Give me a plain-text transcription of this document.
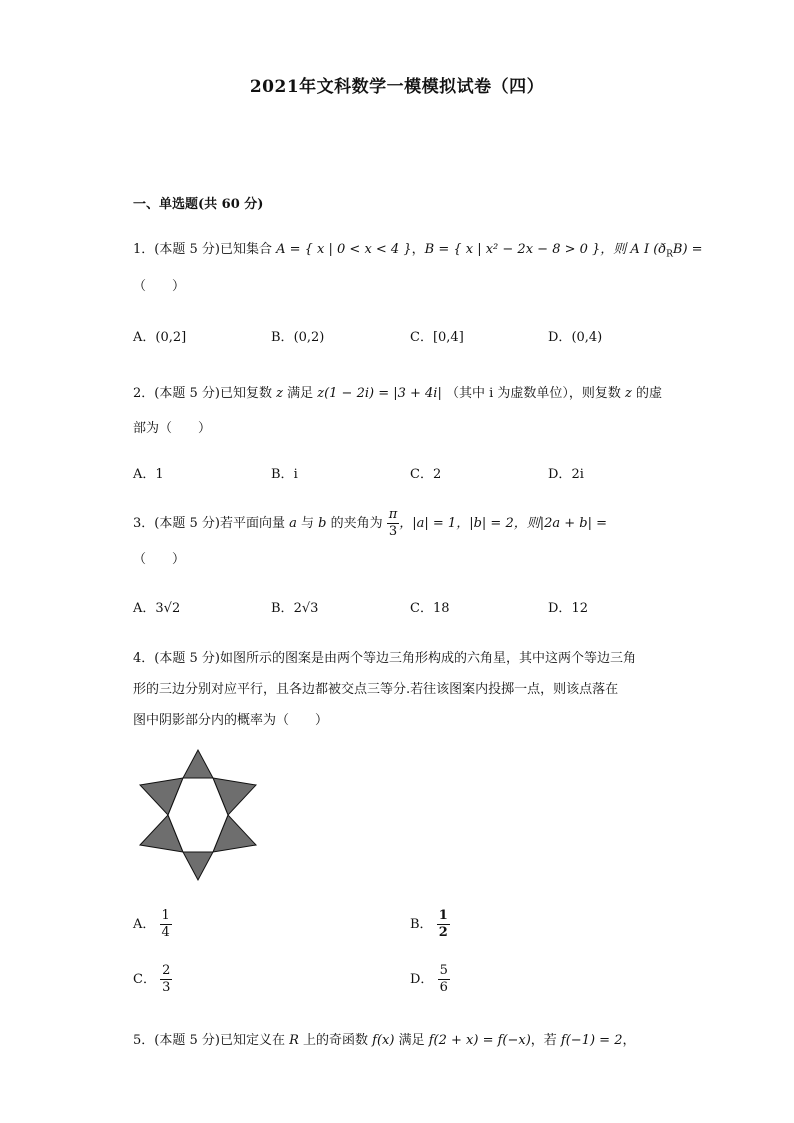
2021年文科数学一模模拟试卷（四）
一、单选题(共 60 分)
1．(本题 5 分)已知集合 A = { x | 0 < x < 4 }，B = { x | x² − 2x − 8 > 0 }，则 A I $(ð_RB)$ =
（　　）
A．(0,2]	B．(0,2)	C．[0,4]	D．(0,4)
2．(本题 5 分)已知复数 z 满足 z(1 − 2i) = |3 + 4i| （其中 i 为虚数单位），则复数 z 的虚
部为（　　）
A．1	B．i	C．2	D．2i
3．(本题 5 分)若平面向量 a 与 b 的夹角为 $\frac{\pi}{3}$ ，|a| = 1，|b| = 2，则|2a + b| =
（　　）
A．3√2	B．2√3	C．18	D．12
4．(本题 5 分)如图所示的图案是由两个等边三角形构成的六角星，其中这两个等边三角
形的三边分别对应平行，且各边都被交点三等分.若往该图案内投掷一点，则该点落在
图中阴影部分内的概率为（　　）
A． $\frac{1}{4}$	B． $\frac{1}{2}$
C． $\frac{2}{3}$	D． $\frac{5}{6}$
5．(本题 5 分)已知定义在 R 上的奇函数 f(x) 满足 f(2 + x) = f(−x)，若 f(−1) = 2，
